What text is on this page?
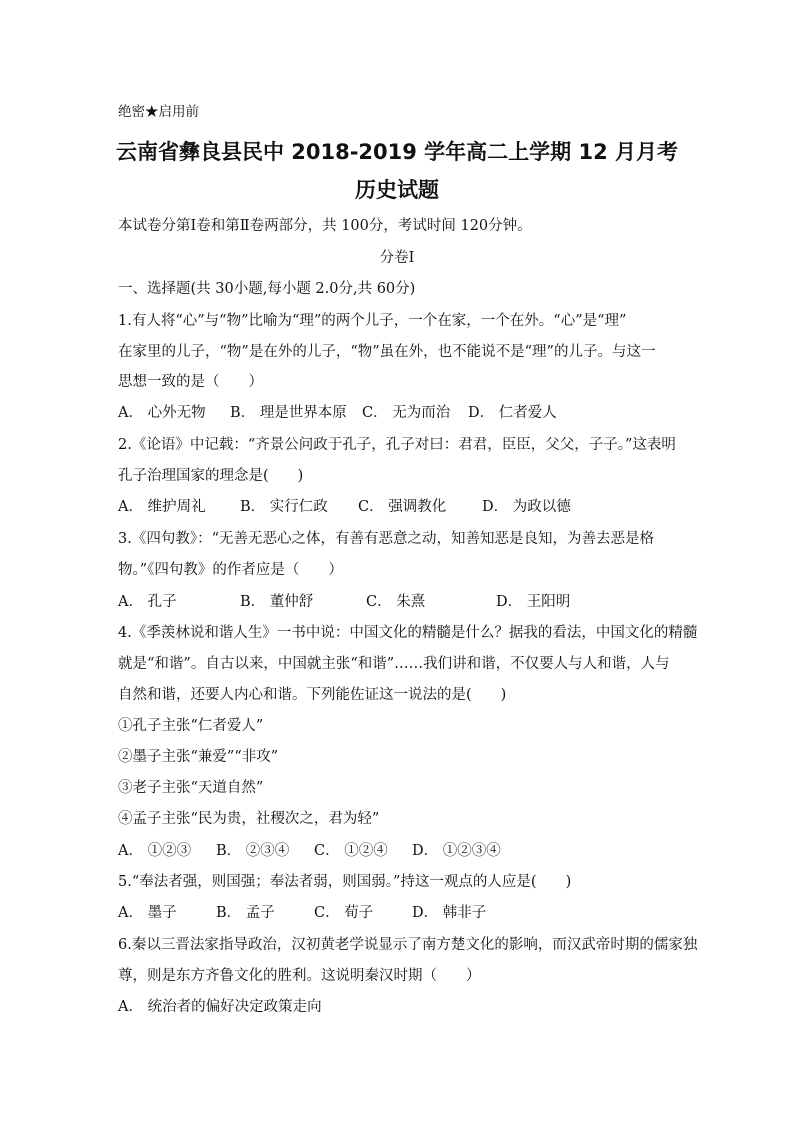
绝密★启用前
云南省彝良县民中 2018-2019 学年高二上学期 12 月月考
历史试题
本试卷分第Ⅰ卷和第Ⅱ卷两部分，共 100分，考试时间 120分钟。
分卷I
一、选择题(共 30小题,每小题 2.0分,共 60分)
1.有人将“心”与“物”比喻为“理”的两个儿子，一个在家，一个在外。“心”是“理”
在家里的儿子，“物”是在外的儿子，“物”虽在外，也不能说不是“理”的儿子。与这一
思想一致的是（　　）
A． 心外无物 B． 理是世界本原 C． 无为而治 D． 仁者爱人
2.《论语》中记载：“齐景公问政于孔子，孔子对曰：君君，臣臣，父父，子子。”这表明
孔子治理国家的理念是(　　)
A． 维护周礼 B． 实行仁政 C． 强调教化 D． 为政以德
3.《四句教》：“无善无恶心之体，有善有恶意之动，知善知恶是良知，为善去恶是格
物。”《四句教》的作者应是（　　）
A． 孔子	B． 董仲舒	C． 朱熹	D． 王阳明
4.《季羡林说和谐人生》一书中说：中国文化的精髓是什么？据我的看法，中国文化的精髓
就是“和谐”。自古以来，中国就主张“和谐”……我们讲和谐，不仅要人与人和谐，人与
自然和谐，还要人内心和谐。下列能佐证这一说法的是(　　)
①孔子主张“仁者爱人”
②墨子主张“兼爱”“非攻”
③老子主张“天道自然”
④孟子主张“民为贵，社稷次之，君为轻”
A． ①②③ B． ②③④ C． ①②④ D． ①②③④
5.“奉法者强，则国强；奉法者弱，则国弱。”持这一观点的人应是(　　)
A． 墨子	B． 孟子	C． 荀子	D． 韩非子
6.秦以三晋法家指导政治，汉初黄老学说显示了南方楚文化的影响，而汉武帝时期的儒家独
尊，则是东方齐鲁文化的胜利。这说明秦汉时期（　　）
A． 统治者的偏好决定政策走向
